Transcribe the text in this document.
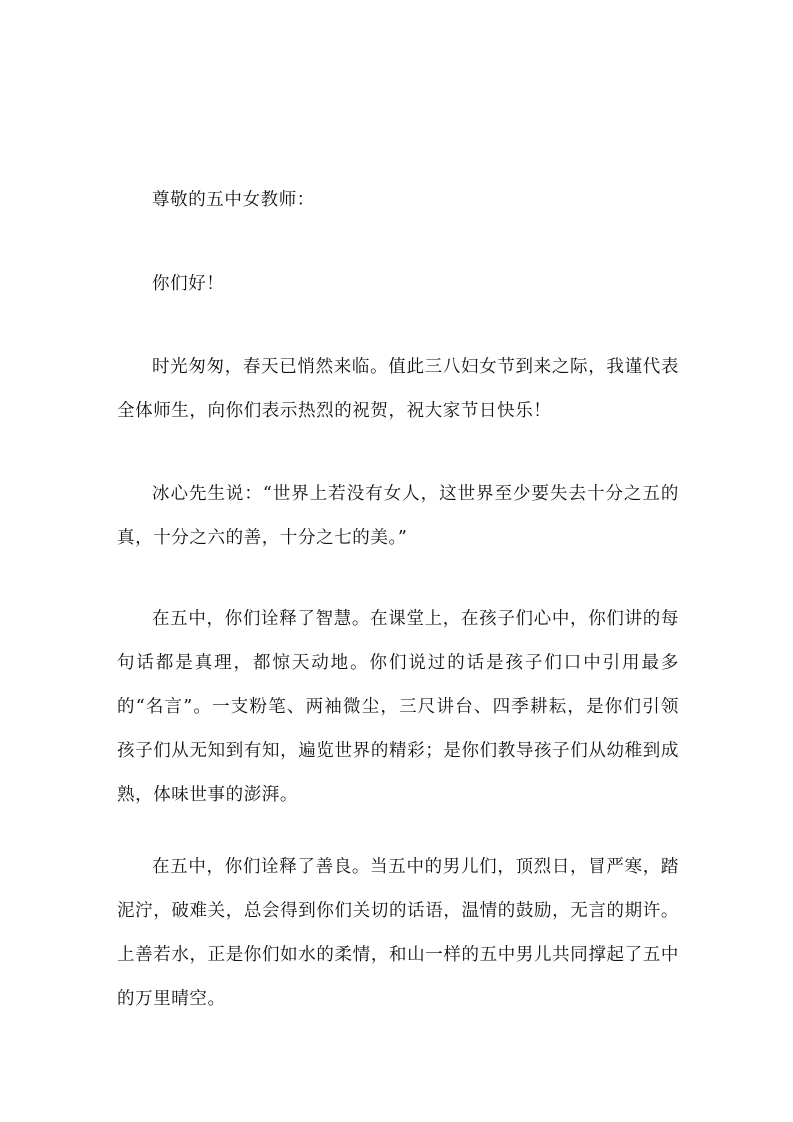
尊敬的五中女教师：

你们好！

时光匆匆，春天已悄然来临。值此三八妇女节到来之际，我谨代表全体师生，向你们表示热烈的祝贺，祝大家节日快乐！

冰心先生说：“世界上若没有女人，这世界至少要失去十分之五的真，十分之六的善，十分之七的美。”

在五中，你们诠释了智慧。在课堂上，在孩子们心中，你们讲的每句话都是真理，都惊天动地。你们说过的话是孩子们口中引用最多的“名言”。一支粉笔、两袖微尘，三尺讲台、四季耕耘，是你们引领孩子们从无知到有知，遍览世界的精彩；是你们教导孩子们从幼稚到成熟，体味世事的澎湃。

在五中，你们诠释了善良。当五中的男儿们，顶烈日，冒严寒，踏泥泞，破难关，总会得到你们关切的话语，温情的鼓励，无言的期许。上善若水，正是你们如水的柔情，和山一样的五中男儿共同撑起了五中的万里晴空。
